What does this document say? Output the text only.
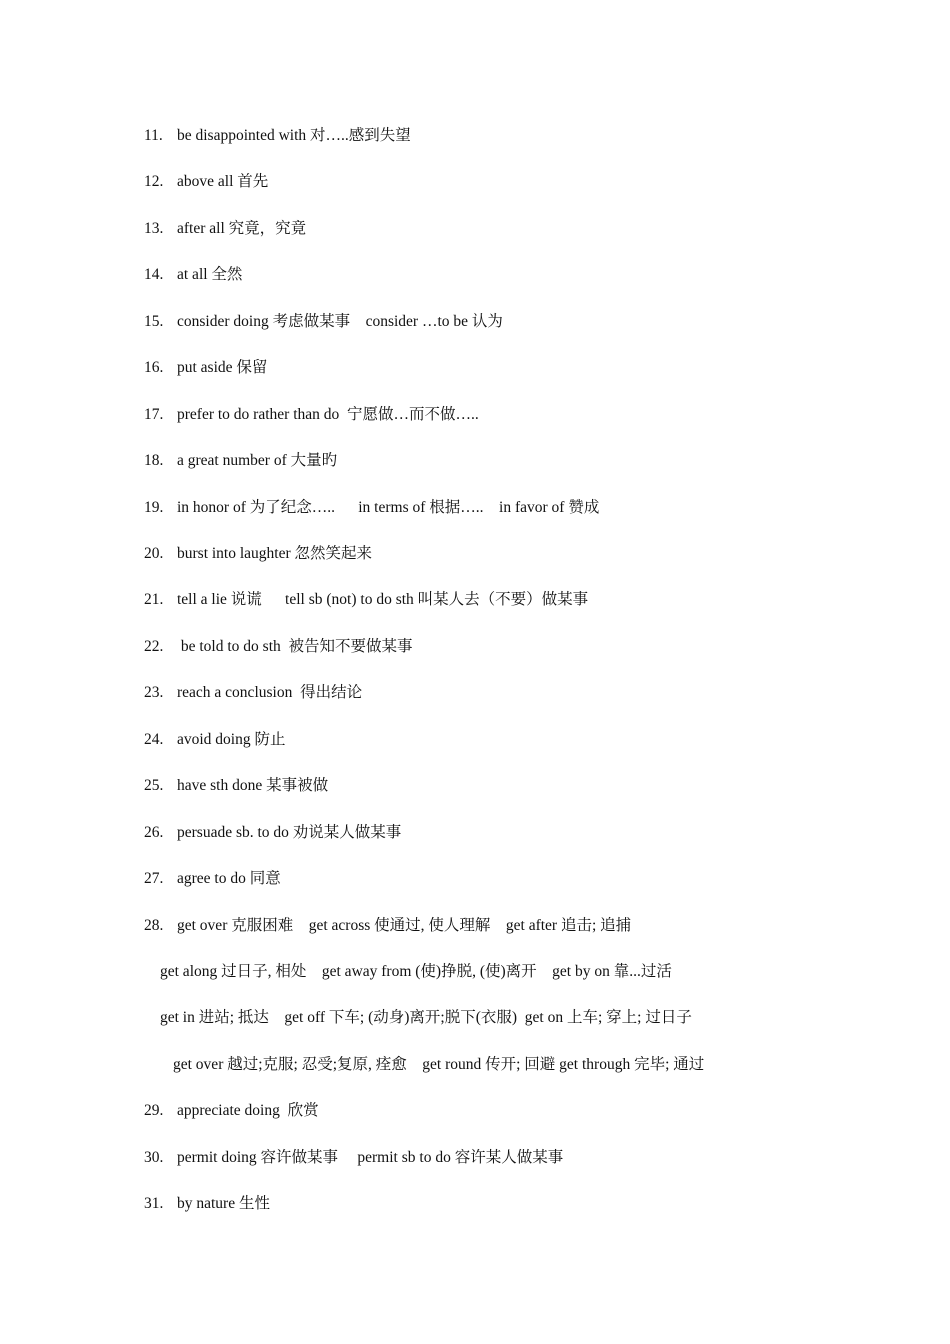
11. be disappointed with 对…..感到失望
12. above all 首先
13. after all 究竟，究竟
14. at all 全然
15. consider doing 考虑做某事    consider …to be 认为
16. put aside 保留
17. prefer to do rather than do  宁愿做…而不做…..
18. a great number of 大量旳
19. in honor of 为了纪念…..      in terms of 根据…..    in favor of 赞成
20. burst into laughter 忽然笑起来
21. tell a lie 说谎      tell sb (not) to do sth 叫某人去（不要）做某事
22. be told to do sth  被告知不要做某事
23. reach a conclusion  得出结论
24. avoid doing 防止
25. have sth done 某事被做
26. persuade sb. to do 劝说某人做某事
27. agree to do 同意
28. get over 克服困难    get across 使通过, 使人理解    get after 追击; 追捕
get along 过日子, 相处    get away from (使)挣脱, (使)离开    get by on 靠...过活
get in 进站; 抵达    get off 下车; (动身)离开;脱下(衣服)  get on 上车; 穿上; 过日子
get over 越过;克服; 忍受;复原, 痊愈    get round 传开; 回避 get through 完毕; 通过
29. appreciate doing  欣赏
30. permit doing 容许做某事     permit sb to do 容许某人做某事
31. by nature 生性
